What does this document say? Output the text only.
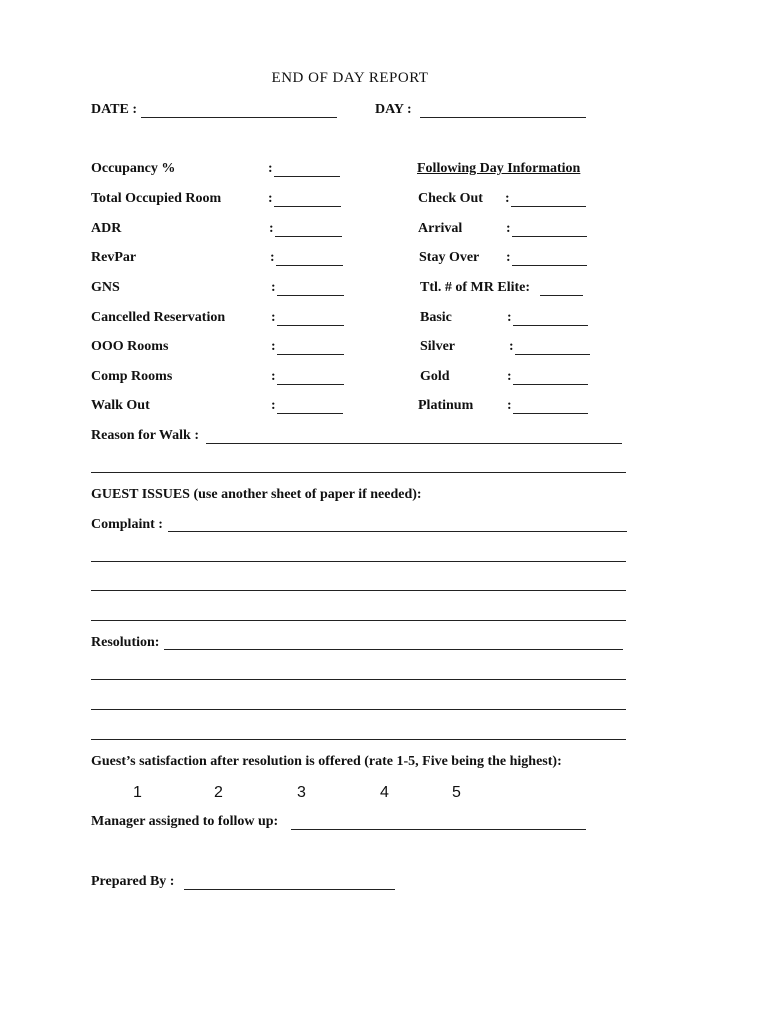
END OF DAY REPORT
DATE :	DAY :
Occupancy %	:
Total Occupied Room	:
ADR	:
RevPar	:
GNS	:
Cancelled Reservation	:
OOO Rooms	:
Comp Rooms	:
Walk Out	:
Following Day Information
Check Out :
Arrival	:
Stay Over :
Ttl. # of MR Elite:
Basic	:
Silver	:
Gold	:
Platinum :
Reason for Walk :
GUEST ISSUES (use another sheet of paper if needed):
Complaint :
Resolution:
Guest’s satisfaction after resolution is offered (rate 1-5, Five being the highest):
1	2	3	4	5
Manager assigned to follow up:
Prepared By :
